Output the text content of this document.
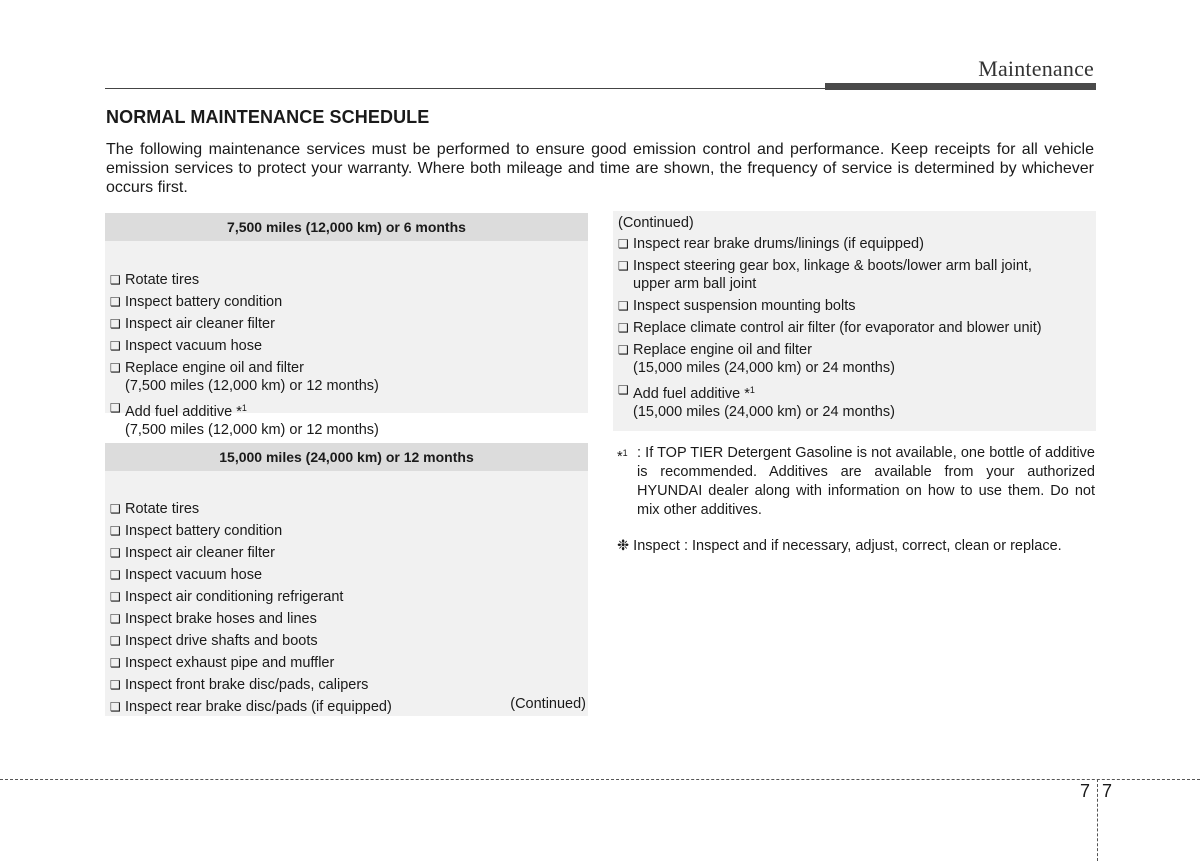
Maintenance
NORMAL MAINTENANCE SCHEDULE

The following maintenance services must be performed to ensure good emission control and performance. Keep receipts for all vehicle emission services to protect your warranty. Where both mileage and time are shown, the frequency of service is determined by whichever occurs first.

7,500 miles (12,000 km) or 6 months
❑ Rotate tires
❑ Inspect battery condition
❑ Inspect air cleaner filter
❑ Inspect vacuum hose
❑ Replace engine oil and filter
(7,500 miles (12,000 km) or 12 months)
❑ Add fuel additive *$^1$
(7,500 miles (12,000 km) or 12 months)
15,000 miles (24,000 km) or 12 months
❑ Rotate tires
❑ Inspect battery condition
❑ Inspect air cleaner filter
❑ Inspect vacuum hose
❑ Inspect air conditioning refrigerant
❑ Inspect brake hoses and lines
❑ Inspect drive shafts and boots
❑ Inspect exhaust pipe and muffler
❑ Inspect front brake disc/pads, calipers
❑ Inspect rear brake disc/pads (if equipped)	(Continued)
(Continued)
❑ Inspect rear brake drums/linings (if equipped)
❑ Inspect steering gear box, linkage & boots/lower arm ball joint,
upper arm ball joint
❑ Inspect suspension mounting bolts
❑ Replace climate control air filter (for evaporator and blower unit)
❑ Replace engine oil and filter
(15,000 miles (24,000 km) or 24 months)
❑ Add fuel additive *$^1$
(15,000 miles (24,000 km) or 24 months)
*$^1$ : If TOP TIER Detergent Gasoline is not available, one bottle of additive is recommended. Additives are available from your authorized HYUNDAI dealer along with information on how to use them. Do not mix other additives.
❉ Inspect : Inspect and if necessary, adjust, correct, clean or replace.
7 7
